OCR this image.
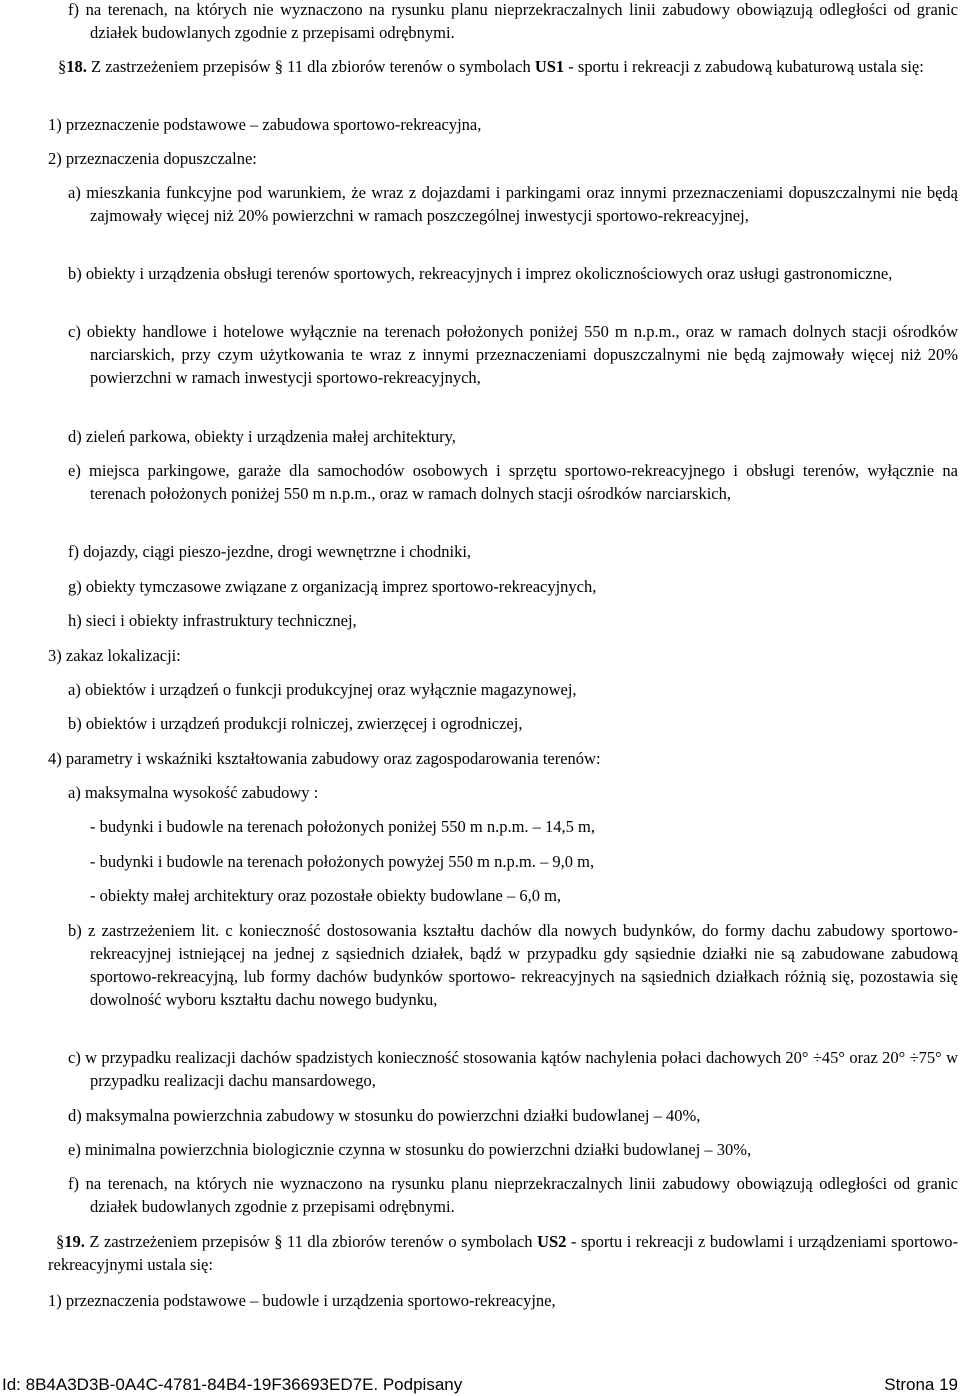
f) na terenach, na których nie wyznaczono na rysunku planu nieprzekraczalnych linii zabudowy obowiązują odległości od granic działek budowlanych zgodnie z przepisami odrębnymi.
§18. Z zastrzeżeniem przepisów § 11 dla zbiorów terenów o symbolach US1 - sportu i rekreacji z zabudową kubaturową ustala się:
1) przeznaczenie podstawowe – zabudowa sportowo-rekreacyjna,
2) przeznaczenia dopuszczalne:
a) mieszkania funkcyjne pod warunkiem, że wraz z dojazdami i parkingami oraz innymi przeznaczeniami dopuszczalnymi nie będą zajmowały więcej niż 20% powierzchni w ramach poszczególnej inwestycji sportowo-rekreacyjnej,
b) obiekty i urządzenia obsługi terenów sportowych, rekreacyjnych i imprez okolicznościowych oraz usługi gastronomiczne,
c) obiekty handlowe i hotelowe wyłącznie na terenach położonych poniżej 550 m n.p.m., oraz w ramach dolnych stacji ośrodków narciarskich, przy czym użytkowania te wraz z innymi przeznaczeniami dopuszczalnymi nie będą zajmowały więcej niż 20% powierzchni w ramach inwestycji sportowo-rekreacyjnych,
d) zieleń parkowa, obiekty i urządzenia małej architektury,
e) miejsca parkingowe, garaże dla samochodów osobowych i sprzętu sportowo-rekreacyjnego i obsługi terenów, wyłącznie na terenach położonych poniżej 550 m n.p.m., oraz w ramach dolnych stacji ośrodków narciarskich,
f) dojazdy, ciągi pieszo-jezdne, drogi wewnętrzne i chodniki,
g) obiekty tymczasowe związane z organizacją imprez sportowo-rekreacyjnych,
h) sieci i obiekty infrastruktury technicznej,
3) zakaz lokalizacji:
a) obiektów i urządzeń o funkcji produkcyjnej oraz wyłącznie magazynowej,
b) obiektów i urządzeń produkcji rolniczej, zwierzęcej i ogrodniczej,
4) parametry i wskaźniki kształtowania zabudowy oraz zagospodarowania terenów:
a) maksymalna wysokość zabudowy :
- budynki i budowle na terenach położonych poniżej 550 m n.p.m. – 14,5 m,
- budynki i budowle na terenach położonych powyżej 550 m n.p.m. – 9,0 m,
- obiekty małej architektury oraz pozostałe obiekty budowlane – 6,0 m,
b) z zastrzeżeniem lit. c konieczność dostosowania kształtu dachów dla nowych budynków, do formy dachu zabudowy sportowo- rekreacyjnej istniejącej na jednej z sąsiednich działek, bądź w przypadku gdy sąsiednie działki nie są zabudowane zabudową sportowo-rekreacyjną, lub formy dachów budynków sportowo- rekreacyjnych na sąsiednich działkach różnią się, pozostawia się dowolność wyboru kształtu dachu nowego budynku,
c) w przypadku realizacji dachów spadzistych konieczność stosowania kątów nachylenia połaci dachowych 20° ÷45° oraz 20° ÷75° w przypadku realizacji dachu mansardowego,
d) maksymalna powierzchnia zabudowy w stosunku do powierzchni działki budowlanej – 40%,
e) minimalna powierzchnia biologicznie czynna w stosunku do powierzchni działki budowlanej – 30%,
f) na terenach, na których nie wyznaczono na rysunku planu nieprzekraczalnych linii zabudowy obowiązują odległości od granic działek budowlanych zgodnie z przepisami odrębnymi.
§19. Z zastrzeżeniem przepisów § 11 dla zbiorów terenów o symbolach US2 - sportu i rekreacji z budowlami i urządzeniami sportowo-rekreacyjnymi ustala się:
1) przeznaczenia podstawowe – budowle i urządzenia sportowo-rekreacyjne,
Id: 8B4A3D3B-0A4C-4781-84B4-19F36693ED7E. Podpisany	Strona 19
